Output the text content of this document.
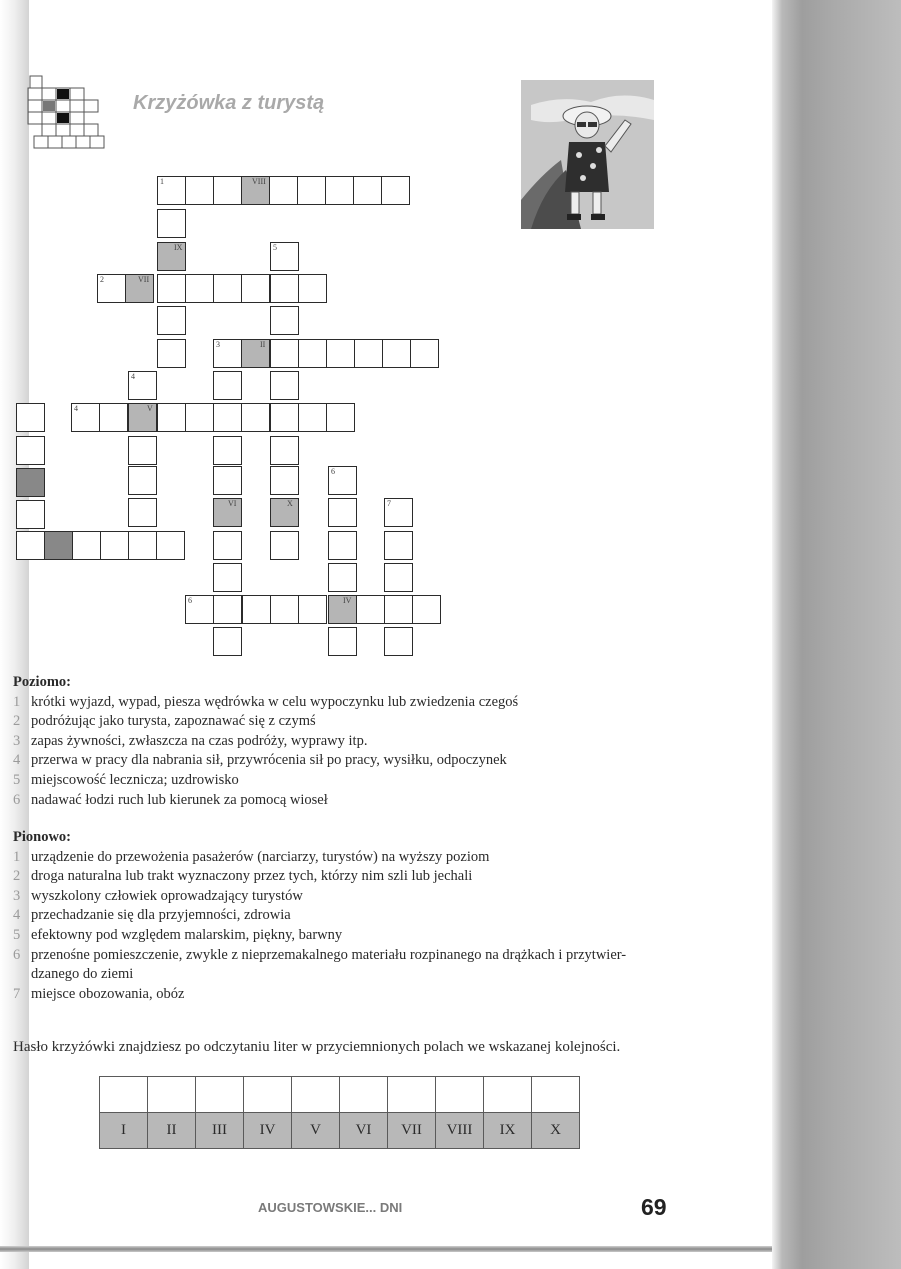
Krzyżówka z turystą
1	VIII
IX	5
2	VII
3	II
4
4	V
6
VI	X	7
6	IV
Poziomo:
1 krótki wyjazd, wypad, piesza wędrówka w celu wypoczynku lub zwiedzenia czegoś
2 podróżując jako turysta, zapoznawać się z czymś
3 zapas żywności, zwłaszcza na czas podróży, wyprawy itp.
4 przerwa w pracy dla nabrania sił, przywrócenia sił po pracy, wysiłku, odpoczynek
5 miejscowość lecznicza; uzdrowisko
6 nadawać łodzi ruch lub kierunek za pomocą wioseł
Pionowo:
1 urządzenie do przewożenia pasażerów (narciarzy, turystów) na wyższy poziom
2 droga naturalna lub trakt wyznaczony przez tych, którzy nim szli lub jechali
3 wyszkolony człowiek oprowadzający turystów
4 przechadzanie się dla przyjemności, zdrowia
5 efektowny pod względem malarskim, piękny, barwny
6 przenośne pomieszczenie, zwykle z nieprzemakalnego materiału rozpinanego na drążkach i przytwier-
dzanego do ziemi
7 miejsce obozowania, obóz
Hasło krzyżówki znajdziesz po odczytaniu liter w przyciemnionych polach we wskazanej kolejności.

I	II	III	IV	V	VI	VII	VIII	IX	X
AUGUSTOWSKIE... DNI	69
